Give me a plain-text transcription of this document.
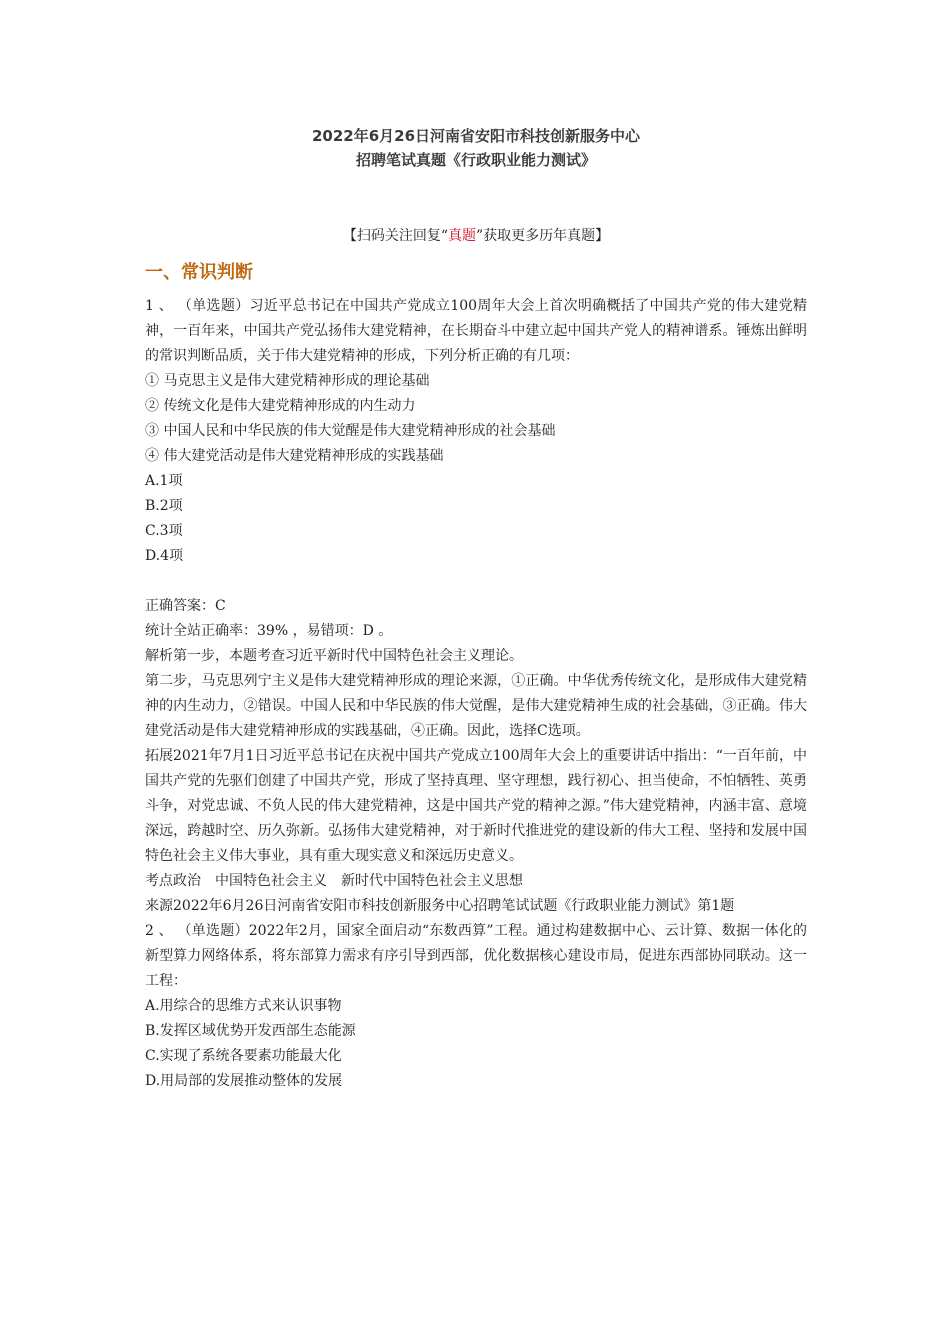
2022年6月26日河南省安阳市科技创新服务中心
招聘笔试真题《行政职业能力测试》
【扫码关注回复“真题”获取更多历年真题】
一、常识判断

1 、 （单选题）习近平总书记在中国共产党成立100周年大会上首次明确概括了中国共产党的伟大建党精神，一百年来，中国共产党弘扬伟大建党精神，在长期奋斗中建立起中国共产党人的精神谱系。锤炼出鲜明的常识判断品质，关于伟大建党精神的形成，下列分析正确的有几项：

① 马克思主义是伟大建党精神形成的理论基础

② 传统文化是伟大建党精神形成的内生动力

③ 中国人民和中华民族的伟大觉醒是伟大建党精神形成的社会基础

④ 伟大建党活动是伟大建党精神形成的实践基础

A.1项

B.2项

C.3项

D.4项

正确答案：C

统计全站正确率：39% ，易错项：D 。

解析第一步，本题考查习近平新时代中国特色社会主义理论。

第二步，马克思列宁主义是伟大建党精神形成的理论来源，①正确。中华优秀传统文化，是形成伟大建党精神的内生动力，②错误。中国人民和中华民族的伟大觉醒，是伟大建党精神生成的社会基础，③正确。伟大建党活动是伟大建党精神形成的实践基础，④正确。因此，选择C选项。

拓展2021年7月1日习近平总书记在庆祝中国共产党成立100周年大会上的重要讲话中指出：“一百年前，中国共产党的先驱们创建了中国共产党，形成了坚持真理、坚守理想，践行初心、担当使命，不怕牺牲、英勇斗争，对党忠诚、不负人民的伟大建党精神，这是中国共产党的精神之源。”伟大建党精神，内涵丰富、意境深远，跨越时空、历久弥新。弘扬伟大建党精神，对于新时代推进党的建设新的伟大工程、坚持和发展中国特色社会主义伟大事业，具有重大现实意义和深远历史意义。

考点政治　中国特色社会主义　新时代中国特色社会主义思想

来源2022年6月26日河南省安阳市科技创新服务中心招聘笔试试题《行政职业能力测试》第1题

2 、 （单选题）2022年2月，国家全面启动“东数西算”工程。通过构建数据中心、云计算、数据一体化的新型算力网络体系，将东部算力需求有序引导到西部，优化数据核心建设市局，促进东西部协同联动。这一工程：

A.用综合的思维方式来认识事物

B.发挥区域优势开发西部生态能源

C.实现了系统各要素功能最大化

D.用局部的发展推动整体的发展
